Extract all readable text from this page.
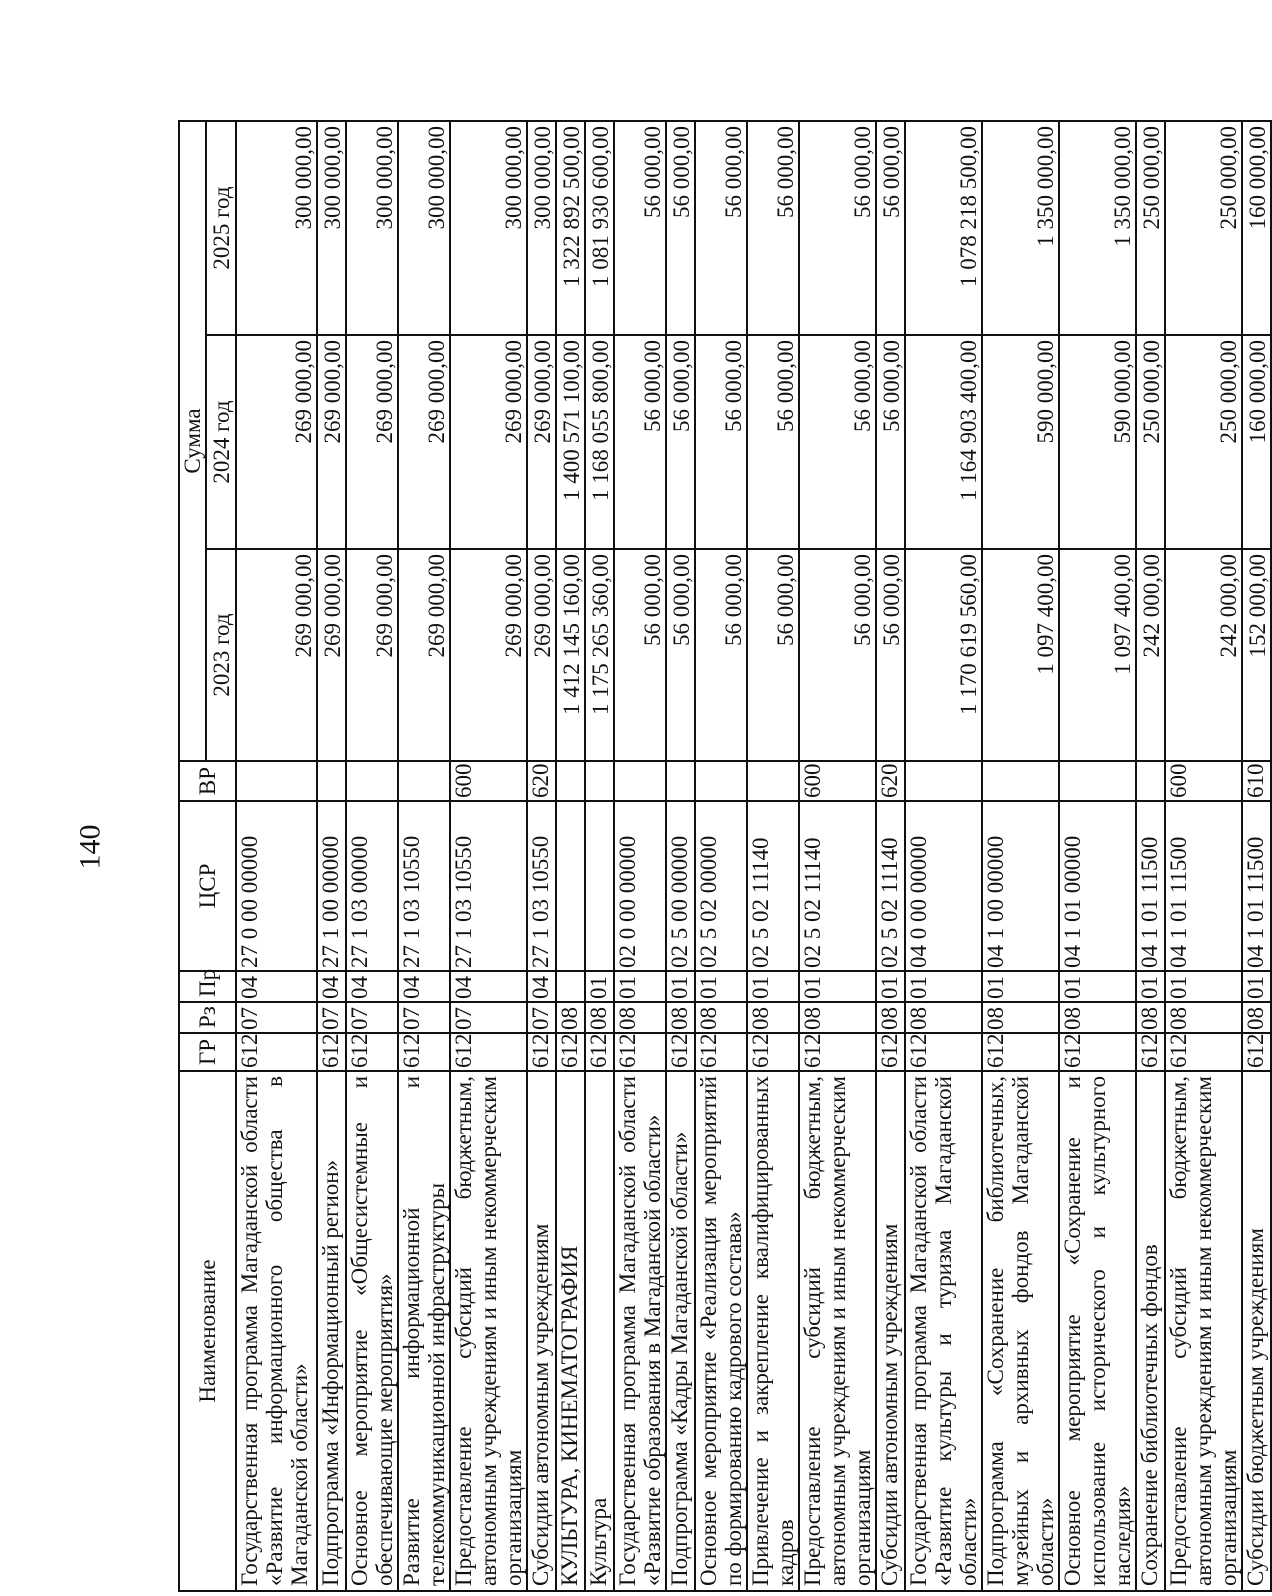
140
Наименование	ГР	Рз	Пр	ЦСР	ВР	Сумма		
						2023 год	2024 год	2025 год
Государственная программа Магаданской области «Развитие информационного общества в Магаданской области»	612	07	04	27 0 00 00000		269 000,00	269 000,00	300 000,00
Подпрограмма «Информационный регион»	612	07	04	27 1 00 00000		269 000,00	269 000,00	300 000,00
Основное мероприятие «Общесистемные и обеспечивающие мероприятия»	612	07	04	27 1 03 00000		269 000,00	269 000,00	300 000,00
Развитие информационной и телекоммуникационной инфраструктуры	612	07	04	27 1 03 10550		269 000,00	269 000,00	300 000,00
Предоставление субсидий бюджетным, автономным учреждениям и иным некоммерческим организациям	612	07	04	27 1 03 10550	600	269 000,00	269 000,00	300 000,00
Субсидии автономным учреждениям	612	07	04	27 1 03 10550	620	269 000,00	269 000,00	300 000,00
КУЛЬТУРА, КИНЕМАТОГРАФИЯ	612	08				1 412 145 160,00	1 400 571 100,00	1 322 892 500,00
Культура	612	08	01			1 175 265 360,00	1 168 055 800,00	1 081 930 600,00
Государственная программа Магаданской области «Развитие образования в Магаданской области»	612	08	01	02 0 00 00000		56 000,00	56 000,00	56 000,00
Подпрограмма «Кадры Магаданской области»	612	08	01	02 5 00 00000		56 000,00	56 000,00	56 000,00
Основное мероприятие «Реализация мероприятий по формированию кадрового состава»	612	08	01	02 5 02 00000		56 000,00	56 000,00	56 000,00
Привлечение и закрепление квалифицированных кадров	612	08	01	02 5 02 11140		56 000,00	56 000,00	56 000,00
Предоставление субсидий бюджетным, автономным учреждениям и иным некоммерческим организациям	612	08	01	02 5 02 11140	600	56 000,00	56 000,00	56 000,00
Субсидии автономным учреждениям	612	08	01	02 5 02 11140	620	56 000,00	56 000,00	56 000,00
Государственная программа Магаданской области «Развитие культуры и туризма Магаданской области»	612	08	01	04 0 00 00000		1 170 619 560,00	1 164 903 400,00	1 078 218 500,00
Подпрограмма «Сохранение библиотечных, музейных и архивных фондов Магаданской области»	612	08	01	04 1 00 00000		1 097 400,00	590 000,00	1 350 000,00
Основное мероприятие «Сохранение и использование исторического и культурного наследия»	612	08	01	04 1 01 00000		1 097 400,00	590 000,00	1 350 000,00
Сохранение библиотечных фондов	612	08	01	04 1 01 11500		242 000,00	250 000,00	250 000,00
Предоставление субсидий бюджетным, автономным учреждениям и иным некоммерческим организациям	612	08	01	04 1 01 11500	600	242 000,00	250 000,00	250 000,00
Субсидии бюджетным учреждениям	612	08	01	04 1 01 11500	610	152 000,00	160 000,00	160 000,00
